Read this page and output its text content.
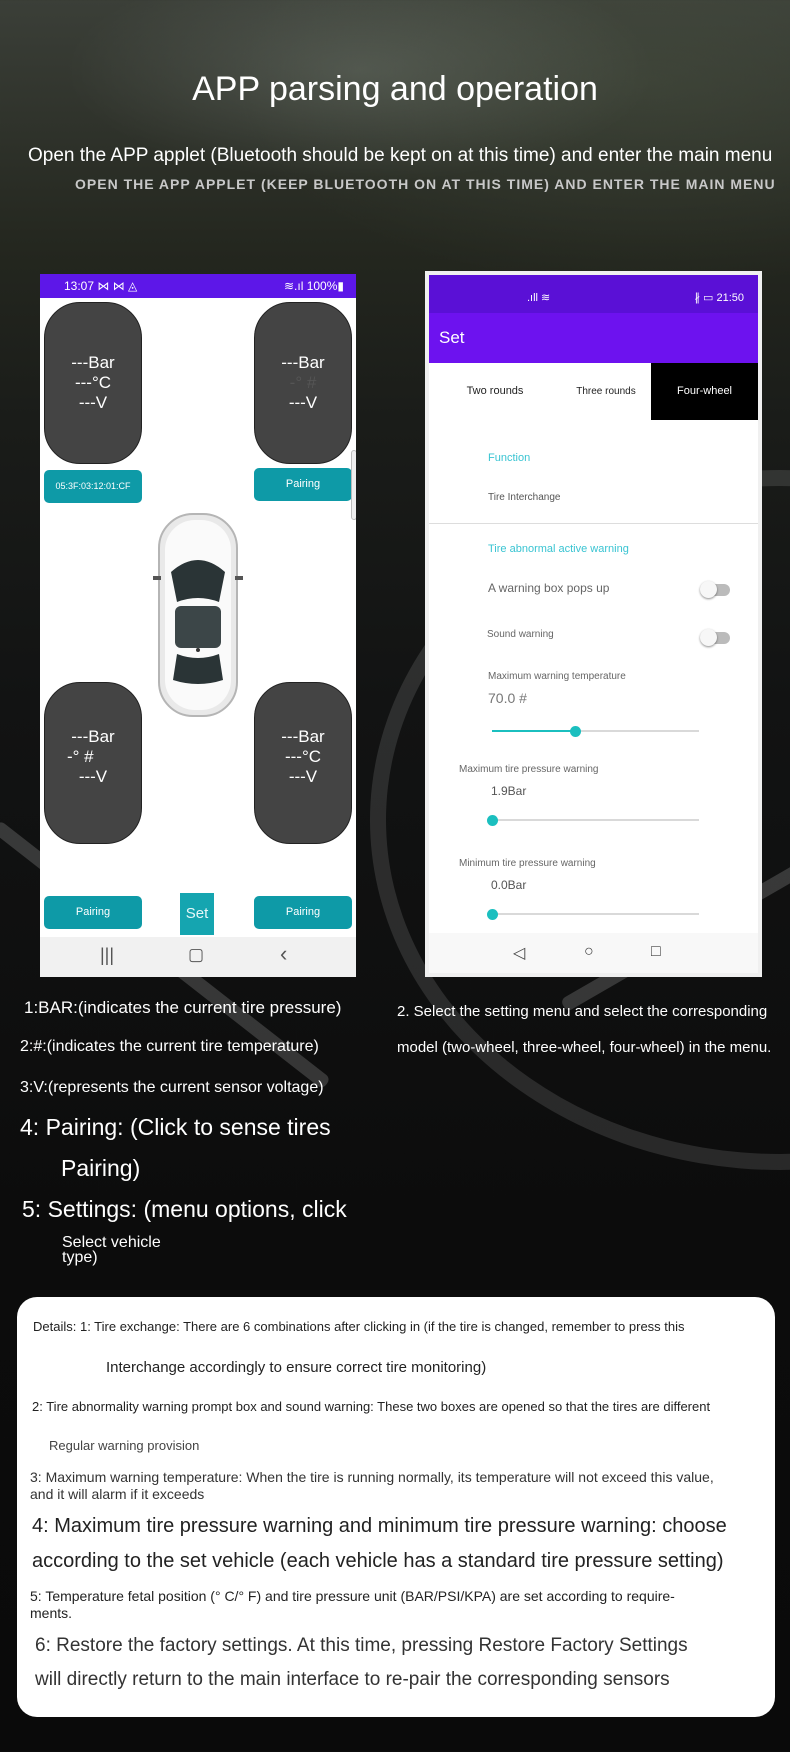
APP parsing and operation
Open the APP applet (Bluetooth should be kept on at this time) and enter the main menu
OPEN THE APP APPLET (KEEP BLUETOOTH ON AT THIS TIME) AND ENTER THE MAIN MENU
13:07 ⋈ ⋈ ◬	≋.ıl 100%▮
---Bar
---°C
---V
---Bar
-° #
---V
05:3F:03:12:01:CF	Pairing
---Bar
-° #
---V
---Bar
---°C
---V
Pairing	Set	Pairing
|||	▢	‹
.ıll ≋	∦ ▭ 21:50
Set
Two rounds	Three rounds	Four-wheel
Function
Tire Interchange
Tire abnormal active warning
A warning box pops up
Sound warning
Maximum warning temperature
70.0 #
Maximum tire pressure warning
1.9Bar
Minimum tire pressure warning
0.0Bar
◁	○	□
1:BAR:(indicates the current tire pressure)
2:#:(indicates the current tire temperature)
3:V:(represents the current sensor voltage)
4: Pairing: (Click to sense tires
Pairing)
5: Settings: (menu options, click
Select vehicle
type)
2. Select the setting menu and select the corresponding
model (two-wheel, three-wheel, four-wheel) in the menu.
Details: 1: Tire exchange: There are 6 combinations after clicking in (if the tire is changed, remember to press this
Interchange accordingly to ensure correct tire monitoring)
2: Tire abnormality warning prompt box and sound warning: These two boxes are opened so that the tires are different
Regular warning provision
3: Maximum warning temperature: When the tire is running normally, its temperature will not exceed this value,
and it will alarm if it exceeds
4: Maximum tire pressure warning and minimum tire pressure warning: choose
according to the set vehicle (each vehicle has a standard tire pressure setting)
5: Temperature fetal position (° C/° F) and tire pressure unit (BAR/PSI/KPA) are set according to require-
ments.
6: Restore the factory settings. At this time, pressing Restore Factory Settings
will directly return to the main interface to re-pair the corresponding sensors
